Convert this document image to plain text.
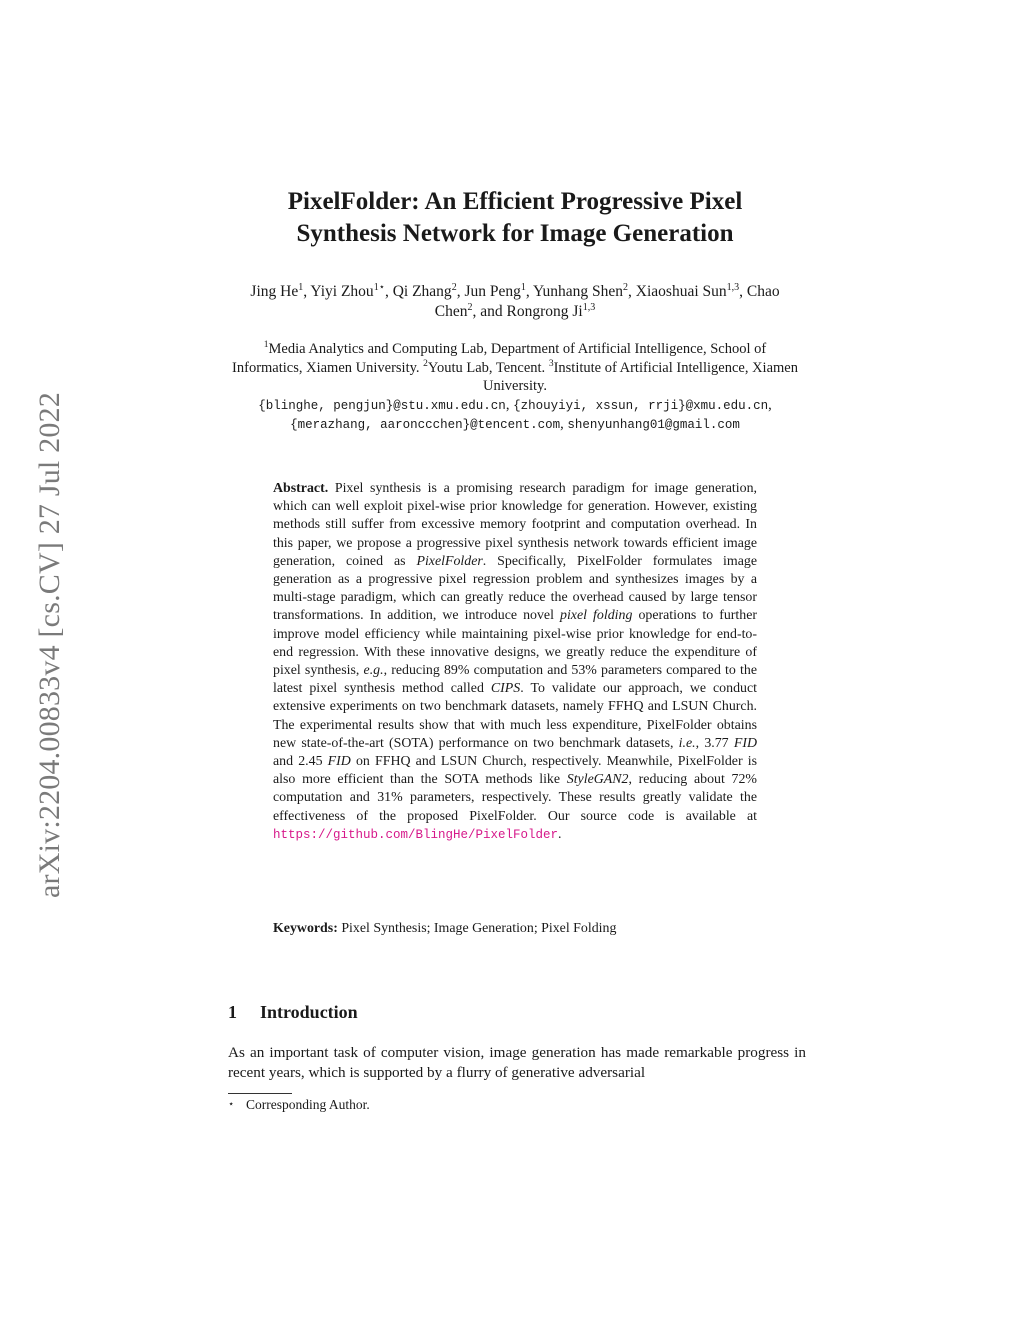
arXiv:2204.00833v4 [cs.CV] 27 Jul 2022
PixelFolder: An Efficient Progressive Pixel
Synthesis Network for Image Generation
Jing He$^1$, Yiyi Zhou$^{1⋆}$, Qi Zhang$^2$, Jun Peng$^1$, Yunhang Shen$^2$, Xiaoshuai Sun$^{1,3}$, Chao Chen$^2$, and Rongrong Ji$^{1,3}$
$^1$Media Analytics and Computing Lab, Department of Artificial Intelligence, School of Informatics, Xiamen University. $^2$Youtu Lab, Tencent. $^3$Institute of Artificial Intelligence, Xiamen University.
{blinghe, pengjun}@stu.xmu.edu.cn, {zhouyiyi, xssun, rrji}@xmu.edu.cn,
{merazhang, aaronccchen}@tencent.com, shenyunhang01@gmail.com
Abstract. Pixel synthesis is a promising research paradigm for image generation, which can well exploit pixel-wise prior knowledge for generation. However, existing methods still suffer from excessive memory footprint and computation overhead. In this paper, we propose a progressive pixel synthesis network towards efficient image generation, coined as PixelFolder. Specifically, PixelFolder formulates image generation as a progressive pixel regression problem and synthesizes images by a multi-stage paradigm, which can greatly reduce the overhead caused by large tensor transformations. In addition, we introduce novel pixel folding operations to further improve model efficiency while maintaining pixel-wise prior knowledge for end-to-end regression. With these innovative designs, we greatly reduce the expenditure of pixel synthesis, e.g., reducing 89% computation and 53% parameters compared to the latest pixel synthesis method called CIPS. To validate our approach, we conduct extensive experiments on two benchmark datasets, namely FFHQ and LSUN Church. The experimental results show that with much less expenditure, PixelFolder obtains new state-of-the-art (SOTA) performance on two benchmark datasets, i.e., 3.77 FID and 2.45 FID on FFHQ and LSUN Church, respectively. Meanwhile, PixelFolder is also more efficient than the SOTA methods like StyleGAN2, reducing about 72% computation and 31% parameters, respectively. These results greatly validate the effectiveness of the proposed PixelFolder. Our source code is available at https://github.com/BlingHe/PixelFolder.
Keywords: Pixel Synthesis; Image Generation; Pixel Folding
1 Introduction
As an important task of computer vision, image generation has made remarkable progress in recent years, which is supported by a flurry of generative adversarial
⋆ Corresponding Author.
